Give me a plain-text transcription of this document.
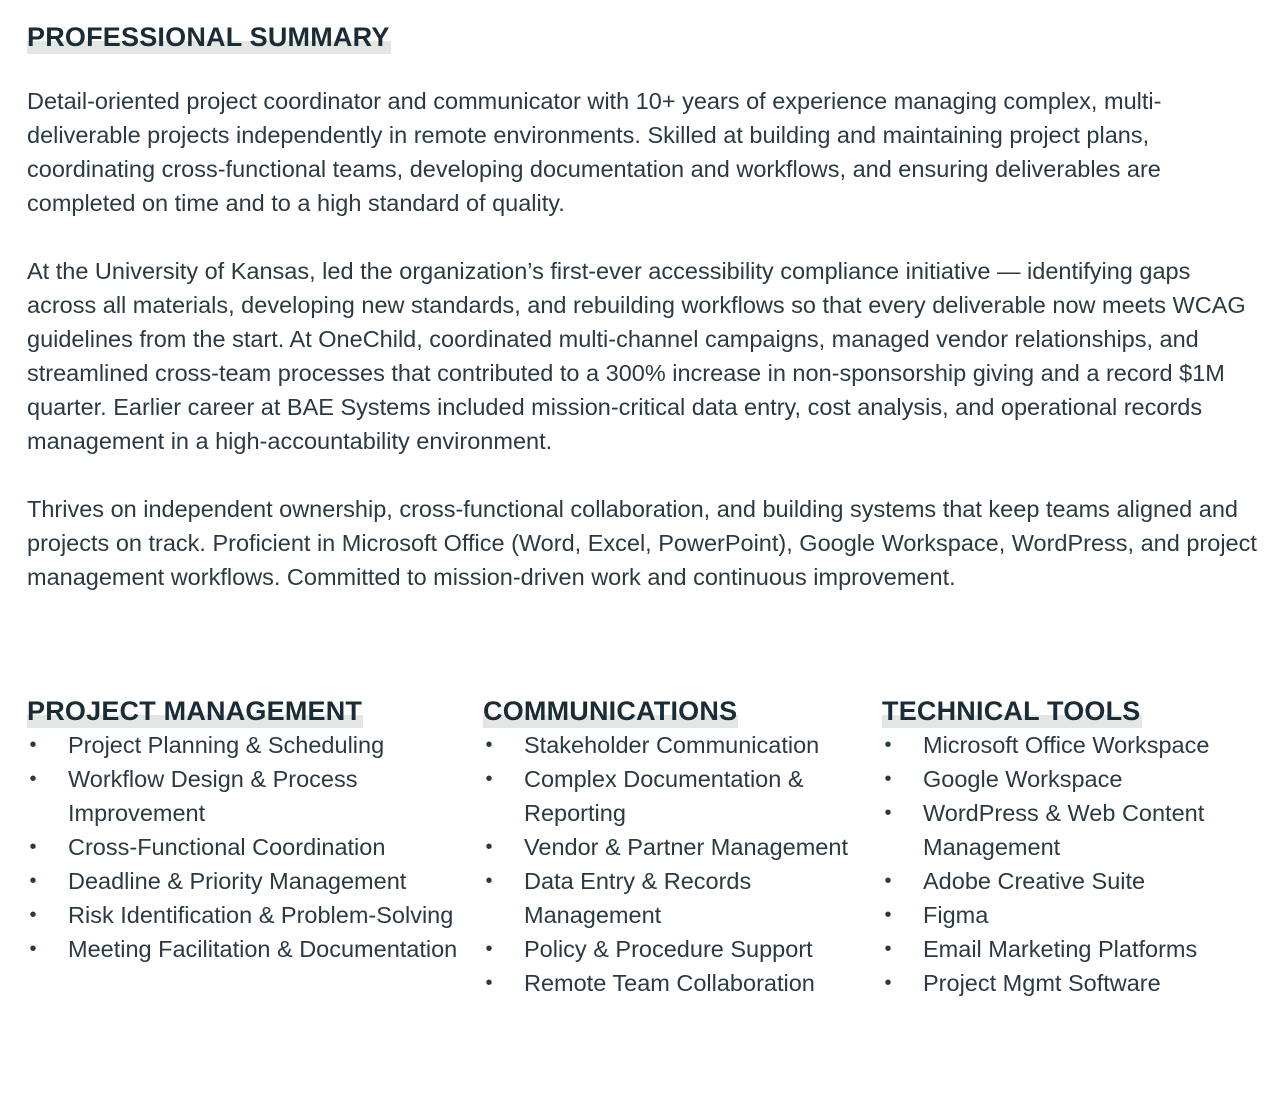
PROFESSIONAL SUMMARY

Detail-oriented project coordinator and communicator with 10+ years of experience managing complex, multi-deliverable projects independently in remote environments. Skilled at building and maintaining project plans, coordinating cross-functional teams, developing documentation and workflows, and ensuring deliverables are completed on time and to a high standard of quality.

At the University of Kansas, led the organization’s first-ever accessibility compliance initiative — identifying gaps across all materials, developing new standards, and rebuilding workflows so that every deliverable now meets WCAG guidelines from the start. At OneChild, coordinated multi-channel campaigns, managed vendor relationships, and streamlined cross-team processes that contributed to a 300% increase in non-sponsorship giving and a record $1M quarter. Earlier career at BAE Systems included mission-critical data entry, cost analysis, and operational records management in a high-accountability environment.

Thrives on independent ownership, cross-functional collaboration, and building systems that keep teams aligned and projects on track. Proficient in Microsoft Office (Word, Excel, PowerPoint), Google Workspace, WordPress, and project management workflows. Committed to mission-driven work and continuous improvement.

PROJECT MANAGEMENT
• Project Planning & Scheduling
• Workflow Design & Process Improvement
• Cross-Functional Coordination
• Deadline & Priority Management
• Risk Identification & Problem-Solving
• Meeting Facilitation & Documentation
COMMUNICATIONS
• Stakeholder Communication
• Complex Documentation & Reporting
• Vendor & Partner Management
• Data Entry & Records Management
• Policy & Procedure Support
• Remote Team Collaboration
TECHNICAL TOOLS
• Microsoft Office Workspace
• Google Workspace
• WordPress & Web Content Management
• Adobe Creative Suite
• Figma
• Email Marketing Platforms
• Project Mgmt Software
